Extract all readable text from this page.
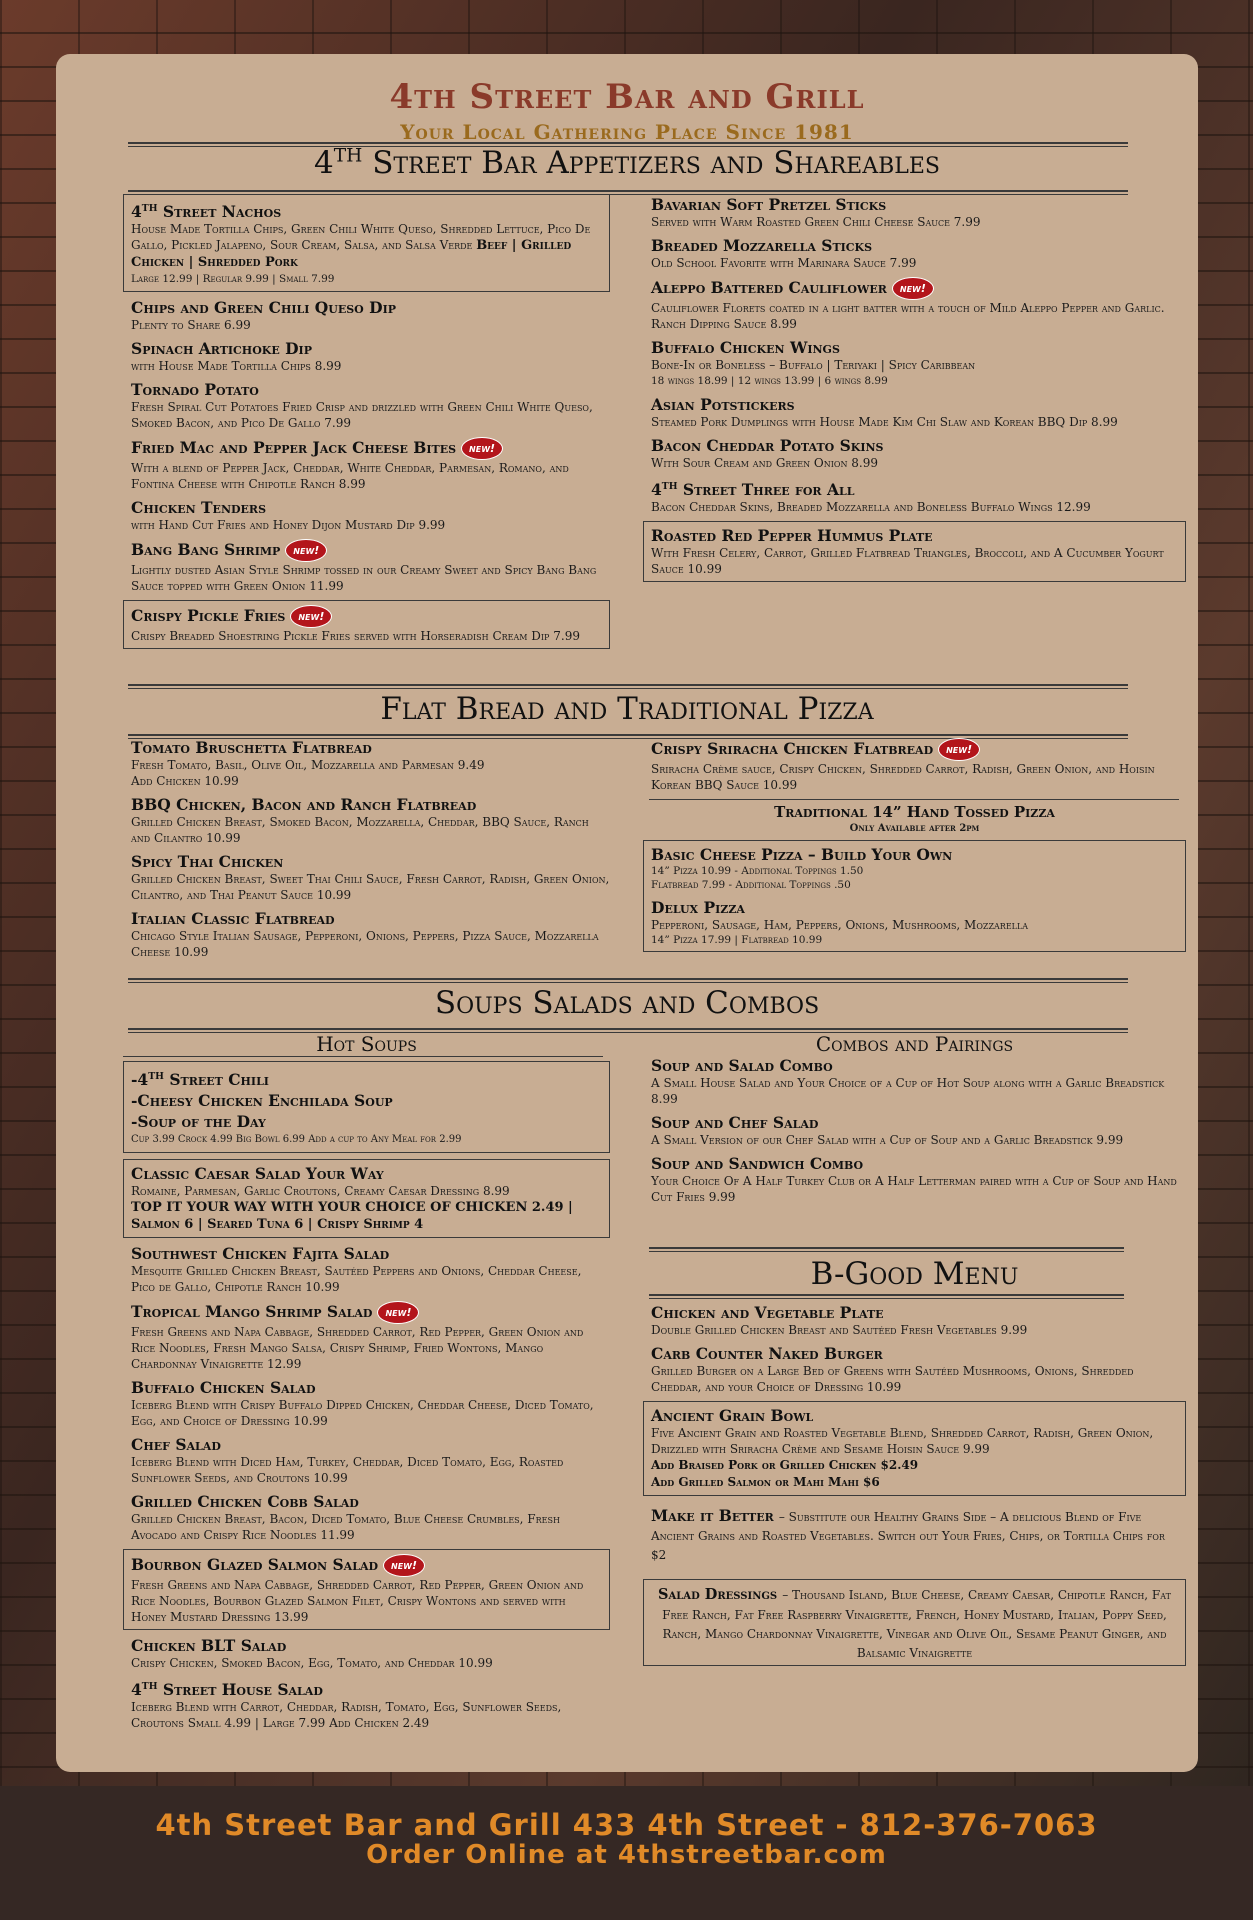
4th Street Bar and Grill
Your Local Gathering Place Since 1981
4TH Street Bar Appetizers and Shareables
4TH Street Nachos
House Made Tortilla Chips, Green Chili White Queso, Shredded Lettuce, Pico De Gallo, Pickled Jalapeno, Sour Cream, Salsa, and Salsa Verde Beef | Grilled Chicken | Shredded Pork
Large 12.99 | Regular 9.99 | Small 7.99
Chips and Green Chili Queso Dip
Plenty to Share 6.99
Spinach Artichoke Dip
with House Made Tortilla Chips 8.99
Tornado Potato
Fresh Spiral Cut Potatoes Fried Crisp and drizzled with Green Chili White Queso, Smoked Bacon, and Pico De Gallo 7.99
Fried Mac and Pepper Jack Cheese Bites new!
With a blend of Pepper Jack, Cheddar, White Cheddar, Parmesan, Romano, and Fontina Cheese with Chipotle Ranch 8.99
Chicken Tenders
with Hand Cut Fries and Honey Dijon Mustard Dip 9.99
Bang Bang Shrimp new!
Lightly dusted Asian Style Shrimp tossed in our Creamy Sweet and Spicy Bang Bang Sauce topped with Green Onion 11.99
Crispy Pickle Fries new!
Crispy Breaded Shoestring Pickle Fries served with Horseradish Cream Dip 7.99
Bavarian Soft Pretzel Sticks
Served with Warm Roasted Green Chili Cheese Sauce 7.99
Breaded Mozzarella Sticks
Old School Favorite with Marinara Sauce 7.99
Aleppo Battered Cauliflower new!
Cauliflower Florets coated in a light batter with a touch of Mild Aleppo Pepper and Garlic. Ranch Dipping Sauce 8.99
Buffalo Chicken Wings
Bone-In or Boneless – Buffalo | Teriyaki | Spicy Caribbean
18 wings 18.99 | 12 wings 13.99 | 6 wings 8.99
Asian Potstickers
Steamed Pork Dumplings with House Made Kim Chi Slaw and Korean BBQ Dip 8.99
Bacon Cheddar Potato Skins
With Sour Cream and Green Onion 8.99
4TH Street Three for All
Bacon Cheddar Skins, Breaded Mozzarella and Boneless Buffalo Wings 12.99
Roasted Red Pepper Hummus Plate
With Fresh Celery, Carrot, Grilled Flatbread Triangles, Broccoli, and A Cucumber Yogurt Sauce 10.99
Flat Bread and Traditional Pizza
Tomato Bruschetta Flatbread
Fresh Tomato, Basil, Olive Oil, Mozzarella and Parmesan 9.49
Add Chicken 10.99
BBQ Chicken, Bacon and Ranch Flatbread
Grilled Chicken Breast, Smoked Bacon, Mozzarella, Cheddar, BBQ Sauce, Ranch and Cilantro 10.99
Spicy Thai Chicken
Grilled Chicken Breast, Sweet Thai Chili Sauce, Fresh Carrot, Radish, Green Onion, Cilantro, and Thai Peanut Sauce 10.99
Italian Classic Flatbread
Chicago Style Italian Sausage, Pepperoni, Onions, Peppers, Pizza Sauce, Mozzarella Cheese 10.99
Crispy Sriracha Chicken Flatbread new!
Sriracha Crème sauce, Crispy Chicken, Shredded Carrot, Radish, Green Onion, and Hoisin Korean BBQ Sauce 10.99
Traditional 14” Hand Tossed Pizza
Only Available after 2pm
Basic Cheese Pizza – Build Your Own
14” Pizza 10.99 - Additional Toppings 1.50
Flatbread 7.99 - Additional Toppings .50
Delux Pizza
Pepperoni, Sausage, Ham, Peppers, Onions, Mushrooms, Mozzarella
14” Pizza 17.99 | Flatbread 10.99
Soups Salads and Combos
Hot Soups
-4TH Street Chili
-Cheesy Chicken Enchilada Soup
-Soup of the Day
Cup 3.99 Crock 4.99 Big Bowl 6.99 Add a cup to Any Meal for 2.99
Classic Caesar Salad Your Way
Romaine, Parmesan, Garlic Croutons, Creamy Caesar Dressing 8.99
TOP IT YOUR WAY WITH YOUR CHOICE OF CHICKEN 2.49 |
Salmon 6 | Seared Tuna 6 | Crispy Shrimp 4
Southwest Chicken Fajita Salad
Mesquite Grilled Chicken Breast, Sautéed Peppers and Onions, Cheddar Cheese, Pico de Gallo, Chipotle Ranch 10.99
Tropical Mango Shrimp Salad new!
Fresh Greens and Napa Cabbage, Shredded Carrot, Red Pepper, Green Onion and Rice Noodles, Fresh Mango Salsa, Crispy Shrimp, Fried Wontons, Mango Chardonnay Vinaigrette 12.99
Buffalo Chicken Salad
Iceberg Blend with Crispy Buffalo Dipped Chicken, Cheddar Cheese, Diced Tomato, Egg, and Choice of Dressing 10.99
Chef Salad
Iceberg Blend with Diced Ham, Turkey, Cheddar, Diced Tomato, Egg, Roasted Sunflower Seeds, and Croutons 10.99
Grilled Chicken Cobb Salad
Grilled Chicken Breast, Bacon, Diced Tomato, Blue Cheese Crumbles, Fresh Avocado and Crispy Rice Noodles 11.99
Bourbon Glazed Salmon Salad new!
Fresh Greens and Napa Cabbage, Shredded Carrot, Red Pepper, Green Onion and Rice Noodles, Bourbon Glazed Salmon Filet, Crispy Wontons and served with Honey Mustard Dressing 13.99
Chicken BLT Salad
Crispy Chicken, Smoked Bacon, Egg, Tomato, and Cheddar 10.99
4TH Street House Salad
Iceberg Blend with Carrot, Cheddar, Radish, Tomato, Egg, Sunflower Seeds, Croutons Small 4.99 | Large 7.99 Add Chicken 2.49
Combos and Pairings
Soup and Salad Combo
A Small House Salad and Your Choice of a Cup of Hot Soup along with a Garlic Breadstick 8.99
Soup and Chef Salad
A Small Version of our Chef Salad with a Cup of Soup and a Garlic Breadstick 9.99
Soup and Sandwich Combo
Your Choice Of A Half Turkey Club or A Half Letterman paired with a Cup of Soup and Hand Cut Fries 9.99
B-Good Menu
Chicken and Vegetable Plate
Double Grilled Chicken Breast and Sautéed Fresh Vegetables 9.99
Carb Counter Naked Burger
Grilled Burger on a Large Bed of Greens with Sautéed Mushrooms, Onions, Shredded Cheddar, and your Choice of Dressing 10.99
Ancient Grain Bowl
Five Ancient Grain and Roasted Vegetable Blend, Shredded Carrot, Radish, Green Onion, Drizzled with Sriracha Crème and Sesame Hoisin Sauce 9.99
Add Braised Pork or Grilled Chicken $2.49
Add Grilled Salmon or Mahi Mahi $6
Make it Better – Substitute our Healthy Grains Side – A delicious Blend of Five Ancient Grains and Roasted Vegetables. Switch out Your Fries, Chips, or Tortilla Chips for $2
Salad Dressings – Thousand Island, Blue Cheese, Creamy Caesar, Chipotle Ranch, Fat Free Ranch, Fat Free Raspberry Vinaigrette, French, Honey Mustard, Italian, Poppy Seed, Ranch, Mango Chardonnay Vinaigrette, Vinegar and Olive Oil, Sesame Peanut Ginger, and Balsamic Vinaigrette
4th Street Bar and Grill 433 4th Street - 812-376-7063
Order Online at 4thstreetbar.com
